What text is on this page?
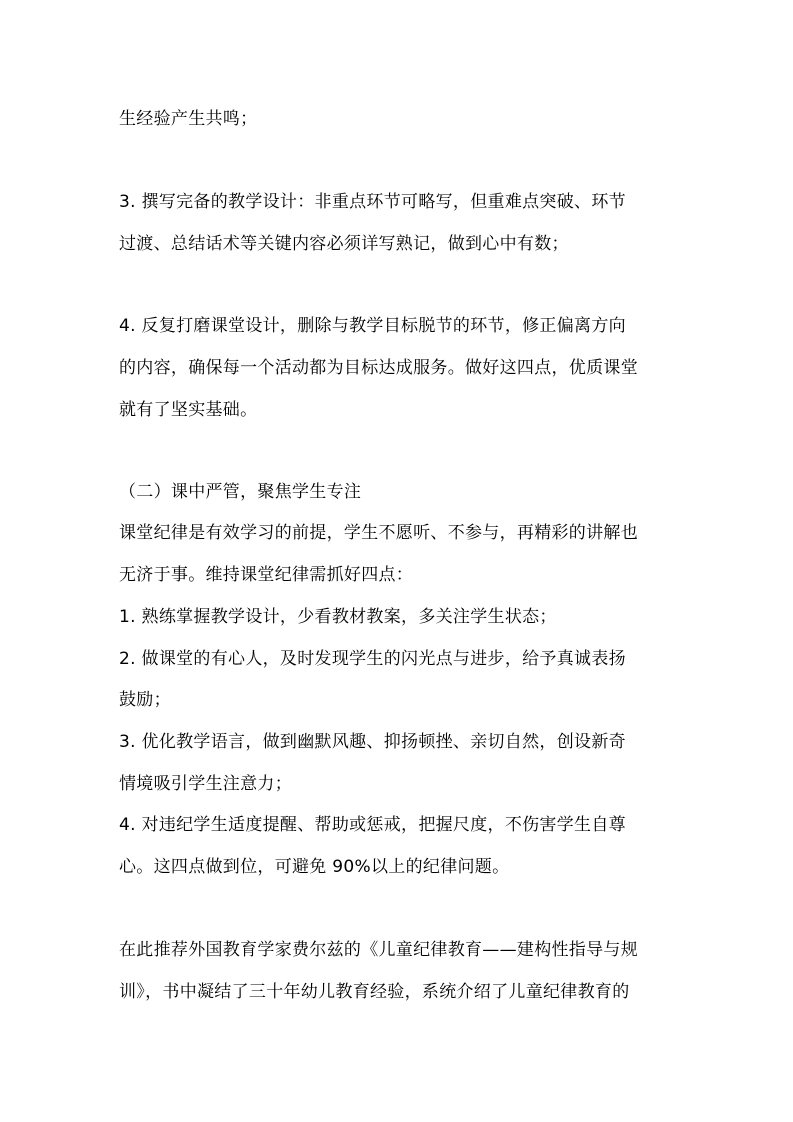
生经验产生共鸣；
3. 撰写完备的教学设计：非重点环节可略写，但重难点突破、环节
过渡、总结话术等关键内容必须详写熟记，做到心中有数；
4. 反复打磨课堂设计，删除与教学目标脱节的环节，修正偏离方向
的内容，确保每一个活动都为目标达成服务。做好这四点，优质课堂
就有了坚实基础。
（二）课中严管，聚焦学生专注
课堂纪律是有效学习的前提，学生不愿听、不参与，再精彩的讲解也
无济于事。维持课堂纪律需抓好四点：
1. 熟练掌握教学设计，少看教材教案，多关注学生状态；
2. 做课堂的有心人，及时发现学生的闪光点与进步，给予真诚表扬
鼓励；
3. 优化教学语言，做到幽默风趣、抑扬顿挫、亲切自然，创设新奇
情境吸引学生注意力；
4. 对违纪学生适度提醒、帮助或惩戒，把握尺度，不伤害学生自尊
心。这四点做到位，可避免 90%以上的纪律问题。
在此推荐外国教育学家费尔兹的《儿童纪律教育——建构性指导与规
训》，书中凝结了三十年幼儿教育经验，系统介绍了儿童纪律教育的
